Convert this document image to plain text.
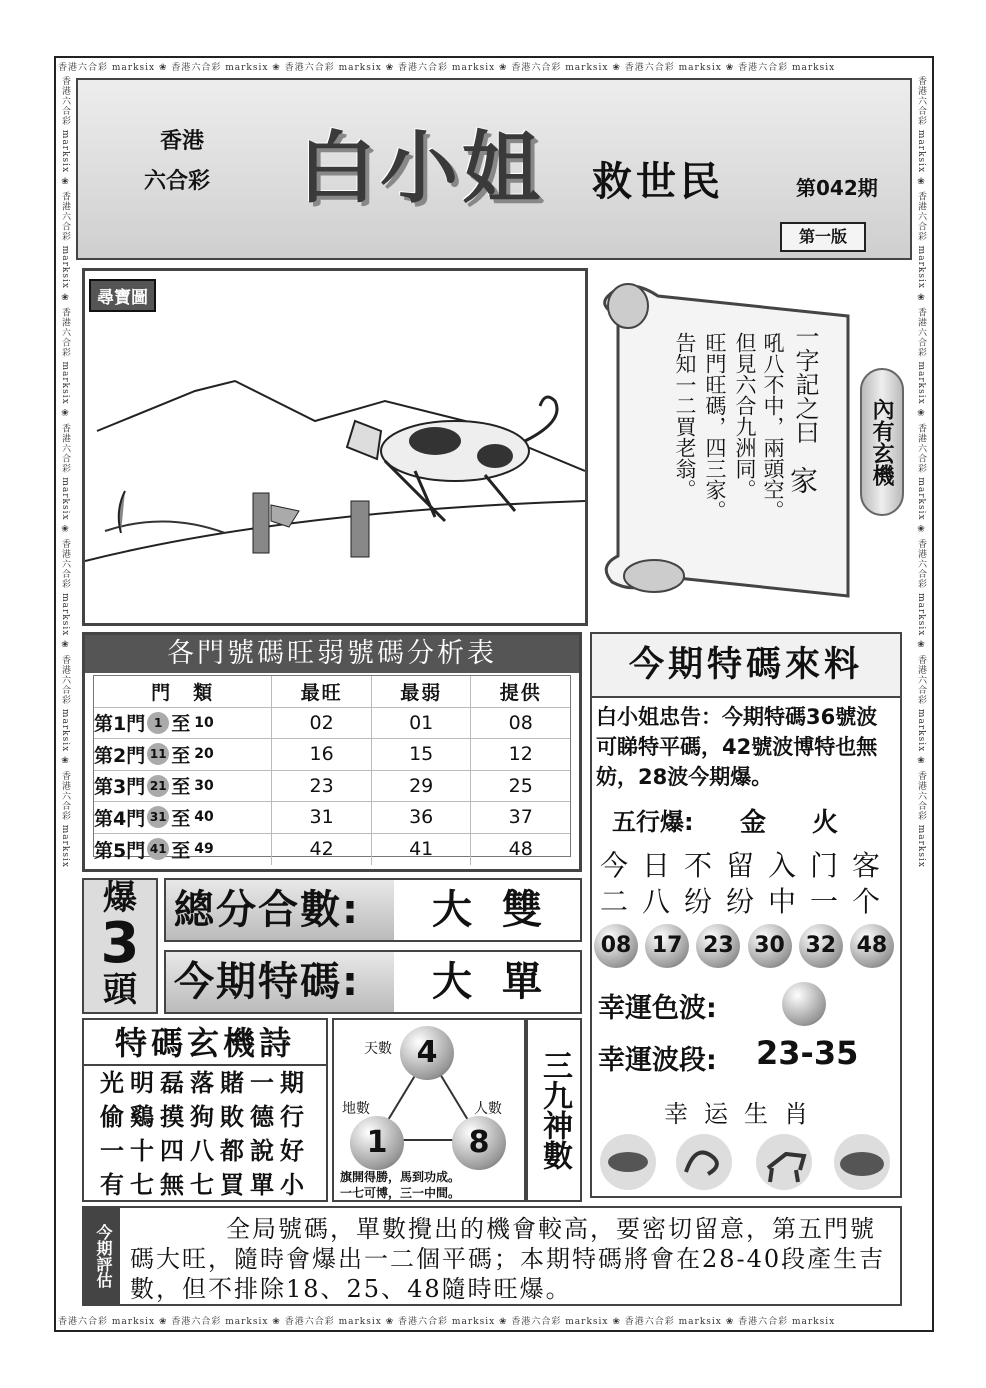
香港六合彩 marksix ❀ 香港六合彩 marksix ❀ 香港六合彩 marksix ❀ 香港六合彩 marksix ❀ 香港六合彩 marksix ❀ 香港六合彩 marksix ❀ 香港六合彩 marksix
香港六合彩 marksix ❀ 香港六合彩 marksix ❀ 香港六合彩 marksix ❀ 香港六合彩 marksix ❀ 香港六合彩 marksix ❀ 香港六合彩 marksix ❀ 香港六合彩 marksix
香港六合彩 marksix ❀ 香港六合彩 marksix ❀ 香港六合彩 marksix ❀ 香港六合彩 marksix ❀ 香港六合彩 marksix ❀ 香港六合彩 marksix ❀ 香港六合彩 marksix	香港六合彩 marksix ❀ 香港六合彩 marksix ❀ 香港六合彩 marksix ❀ 香港六合彩 marksix ❀ 香港六合彩 marksix ❀ 香港六合彩 marksix ❀ 香港六合彩 marksix
香港
六合彩 白小姐 救世民	第042期
第一版
尋寶圖
一字記之曰
家
吼八不中，兩頭空。
但見六合九洲同。
旺門旺碼，四三家。
告知一二買老翁。	內有玄機
各門號碼旺弱號碼分析表
門　類	最旺	最弱	提供
第1門 1 至 10	02	01	08
第2門 11 至 20	16	15	12
第3門 21 至 30	23	29	25
第4門 31 至 40	31	36	37
第5門 41 至 49	42	41	48
今期特碼來料
白小姐忠告：今期特碼36號波可睇特平碼，42號波博特也無妨，28波今期爆。
五行爆: 金　火
今日不留入门客
二八纷纷中一个
08 17 23 30 32 48
幸運色波:
幸運波段: 23-35
幸运生肖
爆
3
頭
總分合數:	大雙
今期特碼:	大單
特碼玄機詩
光明磊落賭一期
偷鷄摸狗敗德行
一十四八都說好
有七無七買單小
天數
地數	人數
4
1	8
旗開得勝，馬到功成。
一七可博，三一中間。
三九神數
今期評估	全局號碼，單數攪出的機會較高，要密切留意，第五門號碼大旺，隨時會爆出一二個平碼；本期特碼將會在28-40段產生吉數，但不排除18、25、48隨時旺爆。
